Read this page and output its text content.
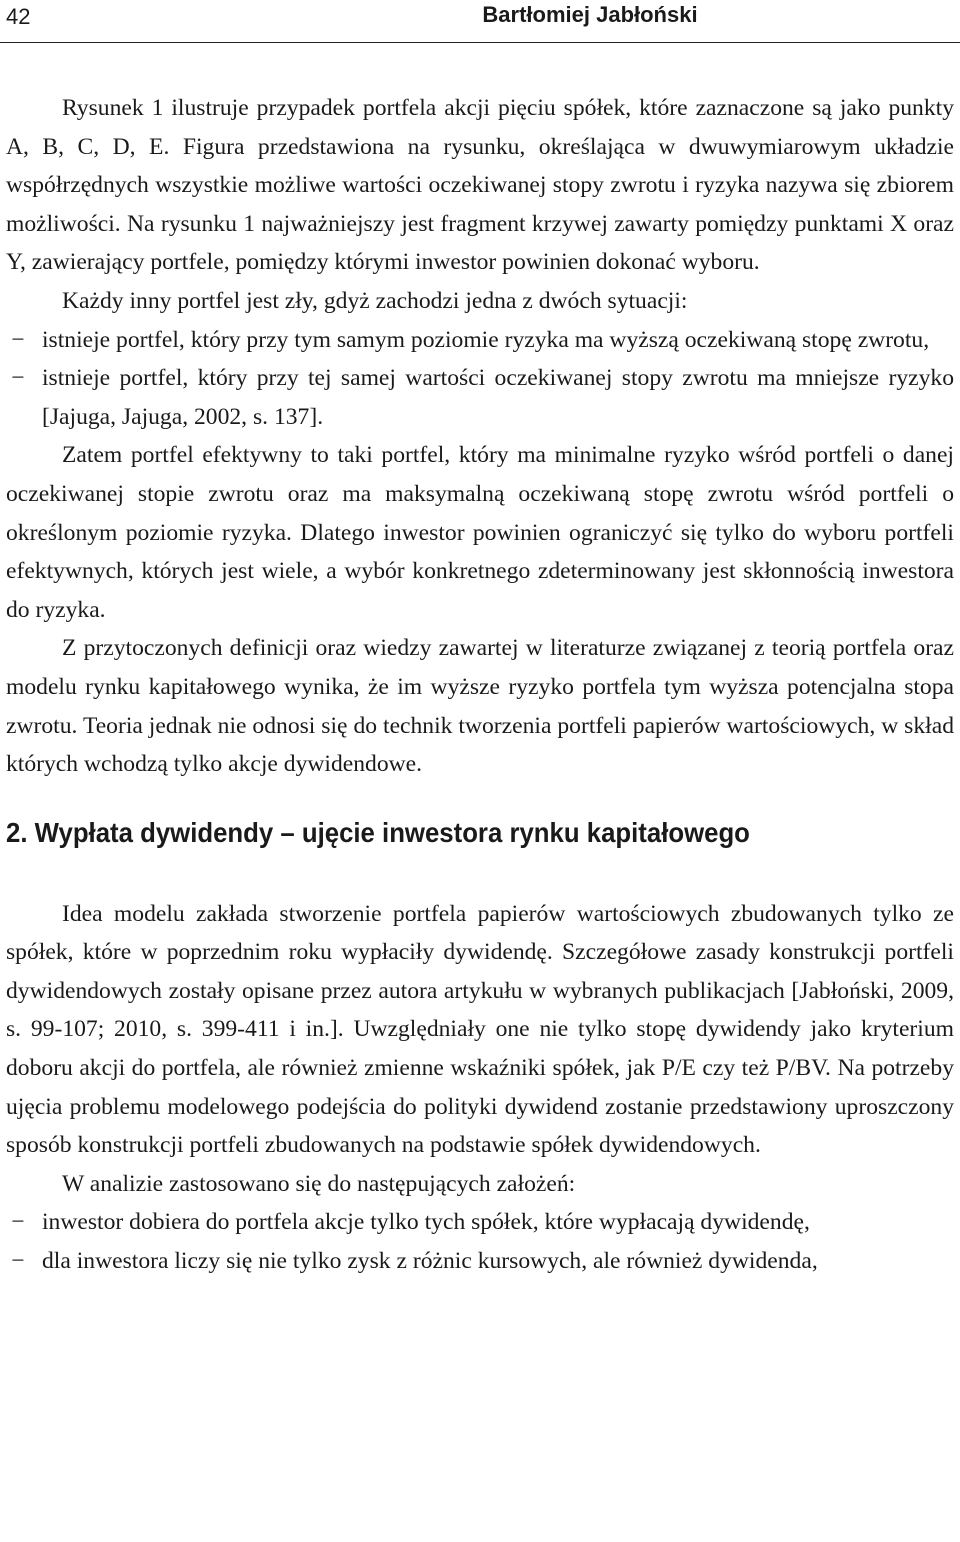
42	Bartłomiej Jabłoński

Rysunek 1 ilustruje przypadek portfela akcji pięciu spółek, które zaznaczone są jako punkty A, B, C, D, E. Figura przedstawiona na rysunku, określająca w dwuwymiarowym układzie współrzędnych wszystkie możliwe wartości oczekiwanej stopy zwrotu i ryzyka nazywa się zbiorem możliwości. Na rysunku 1 najważniejszy jest fragment krzywej zawarty pomiędzy punktami X oraz Y, zawierający portfele, pomiędzy którymi inwestor powinien dokonać wyboru.

Każdy inny portfel jest zły, gdyż zachodzi jedna z dwóch sytuacji:

− istnieje portfel, który przy tym samym poziomie ryzyka ma wyższą oczekiwaną stopę zwrotu,
− istnieje portfel, który przy tej samej wartości oczekiwanej stopy zwrotu ma mniejsze ryzyko [Jajuga, Jajuga, 2002, s. 137].

Zatem portfel efektywny to taki portfel, który ma minimalne ryzyko wśród portfeli o danej oczekiwanej stopie zwrotu oraz ma maksymalną oczekiwaną stopę zwrotu wśród portfeli o określonym poziomie ryzyka. Dlatego inwestor powinien ograniczyć się tylko do wyboru portfeli efektywnych, których jest wiele, a wybór konkretnego zdeterminowany jest skłonnością inwestora do ryzyka.

Z przytoczonych definicji oraz wiedzy zawartej w literaturze związanej z teorią portfela oraz modelu rynku kapitałowego wynika, że im wyższe ryzyko portfela tym wyższa potencjalna stopa zwrotu. Teoria jednak nie odnosi się do technik tworzenia portfeli papierów wartościowych, w skład których wchodzą tylko akcje dywidendowe.

2. Wypłata dywidendy – ujęcie inwestora rynku kapitałowego

Idea modelu zakłada stworzenie portfela papierów wartościowych zbudowanych tylko ze spółek, które w poprzednim roku wypłaciły dywidendę. Szczegółowe zasady konstrukcji portfeli dywidendowych zostały opisane przez autora artykułu w wybranych publikacjach [Jabłoński, 2009, s. 99-107; 2010, s. 399-411 i in.]. Uwzględniały one nie tylko stopę dywidendy jako kryterium doboru akcji do portfela, ale również zmienne wskaźniki spółek, jak P/E czy też P/BV. Na potrzeby ujęcia problemu modelowego podejścia do polityki dywidend zostanie przedstawiony uproszczony sposób konstrukcji portfeli zbudowanych na podstawie spółek dywidendowych.

W analizie zastosowano się do następujących założeń:

− inwestor dobiera do portfela akcje tylko tych spółek, które wypłacają dywidendę,
− dla inwestora liczy się nie tylko zysk z różnic kursowych, ale również dywidenda,
